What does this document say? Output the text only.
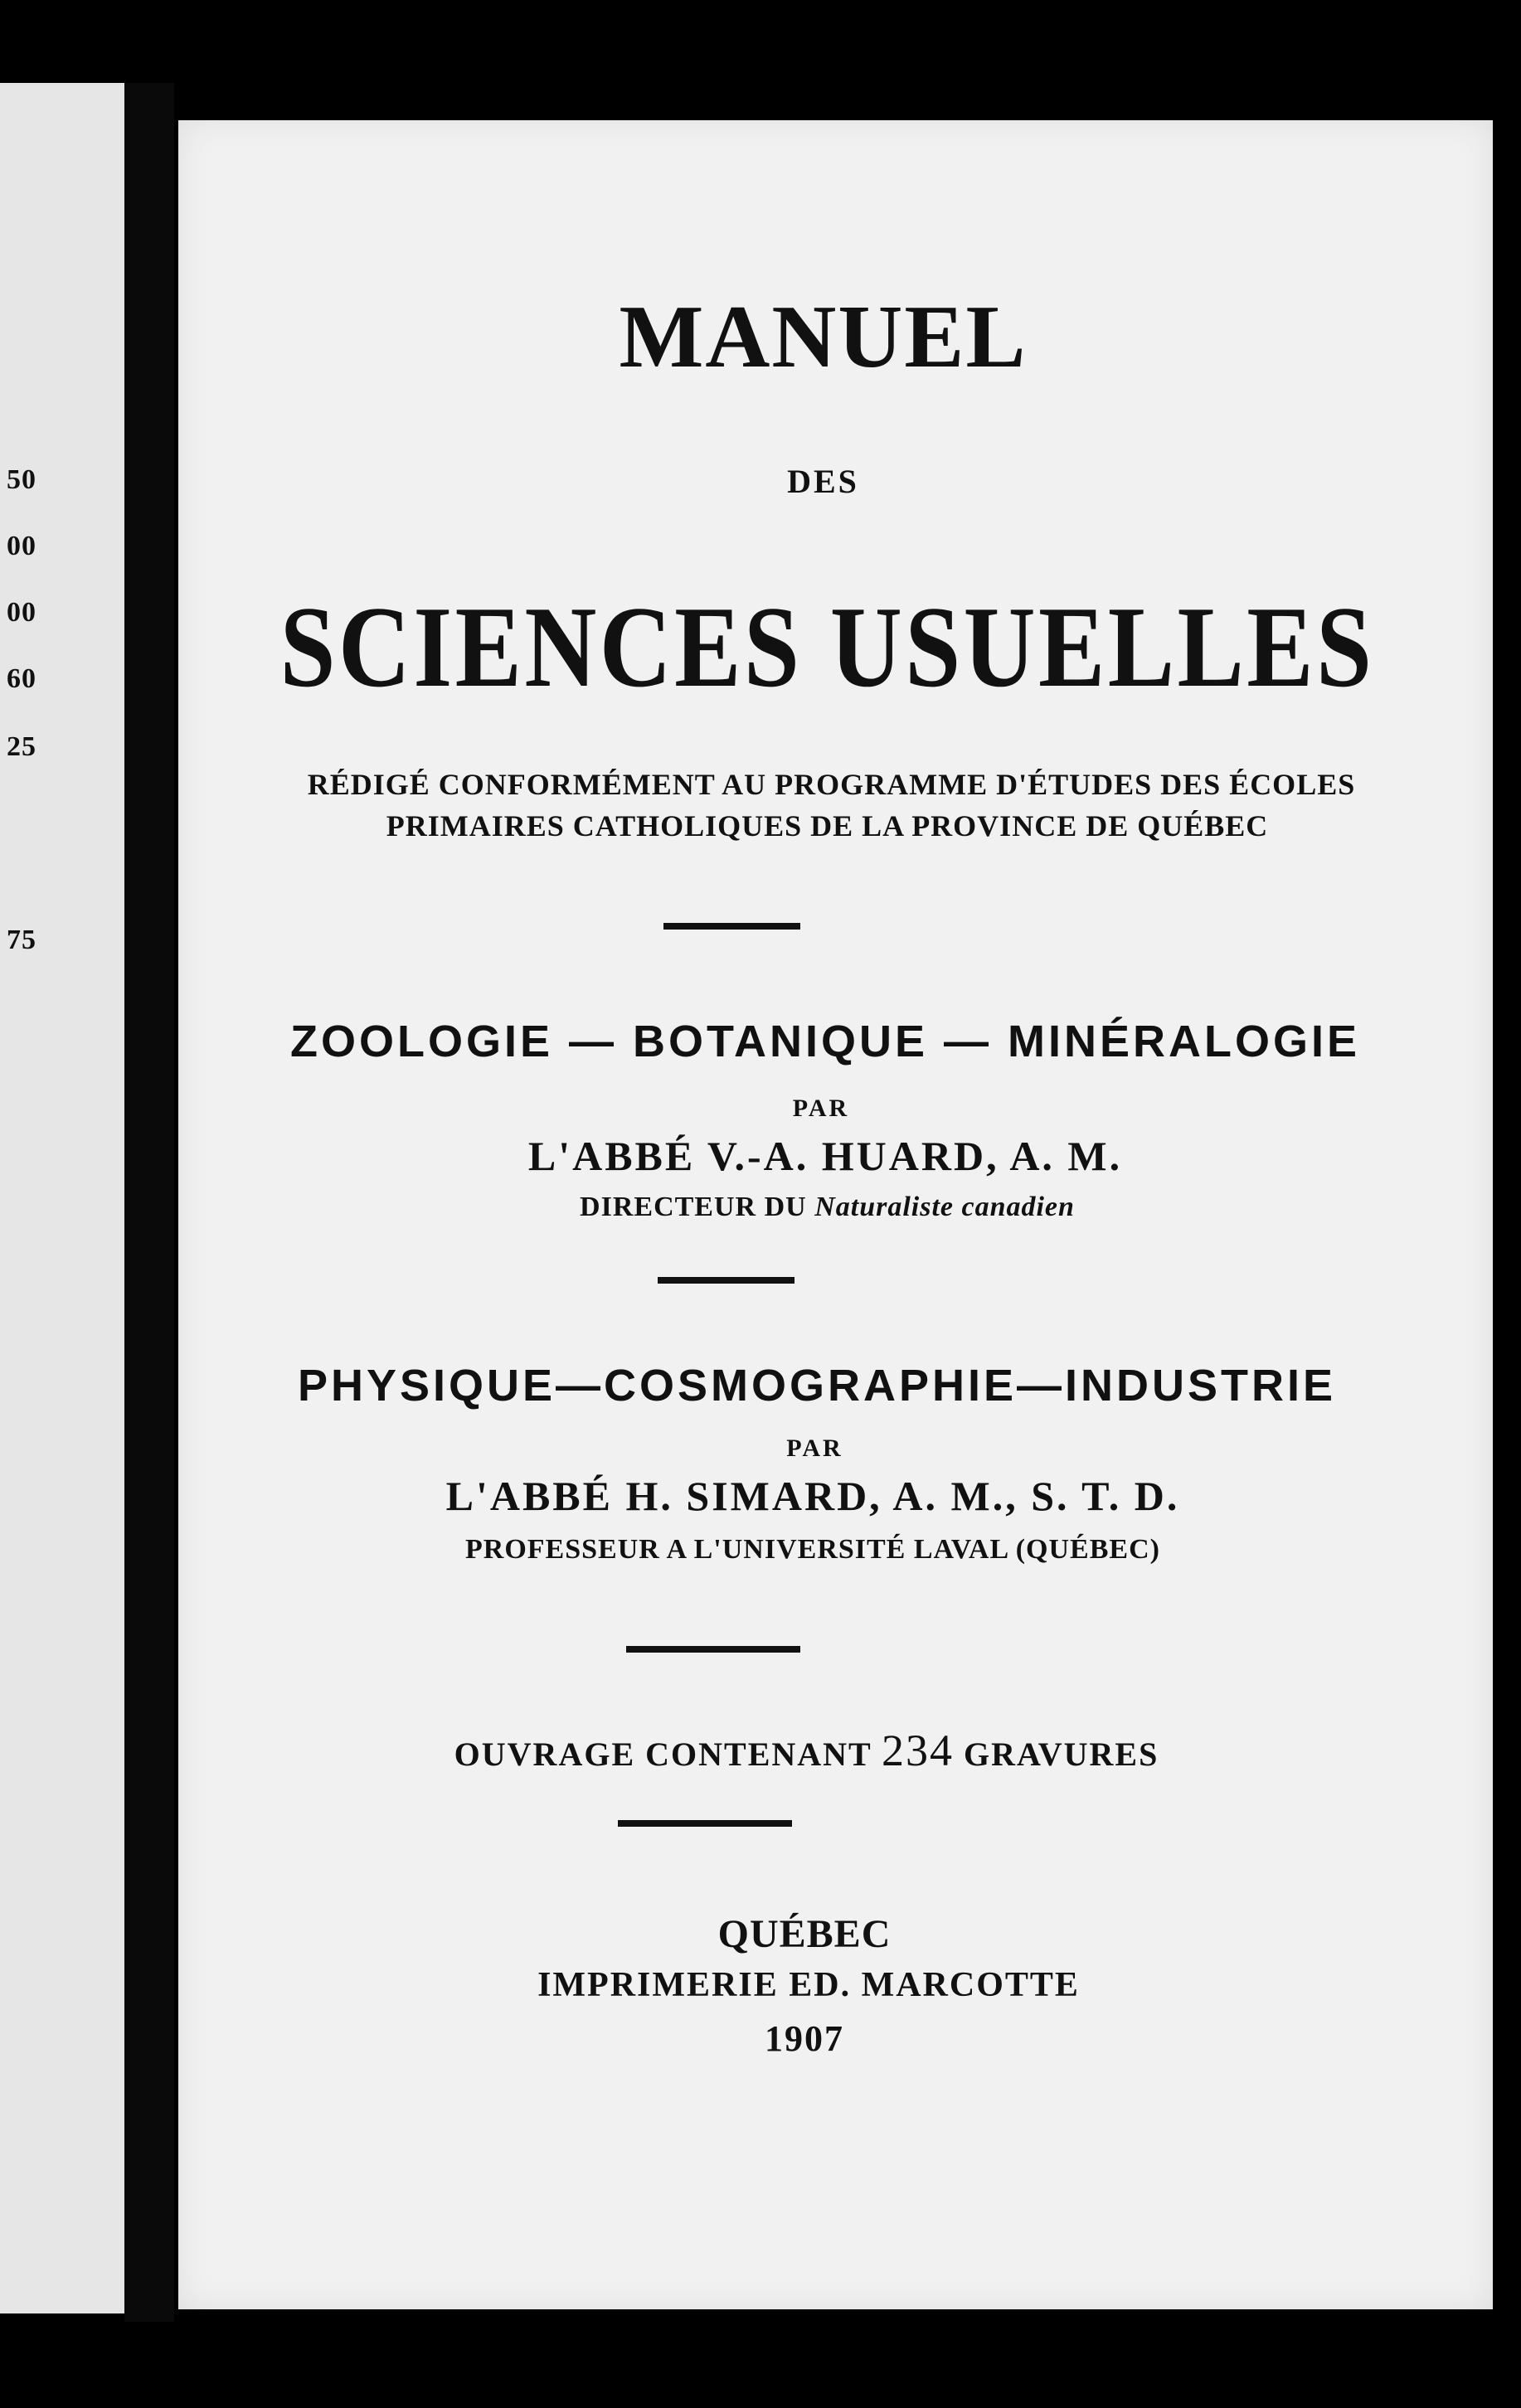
50
00
00
60
25
75
MANUEL
DES
SCIENCES USUELLES
RÉDIGÉ CONFORMÉMENT AU PROGRAMME D'ÉTUDES DES ÉCOLES
PRIMAIRES CATHOLIQUES DE LA PROVINCE DE QUÉBEC
ZOOLOGIE — BOTANIQUE — MINÉRALOGIE
PAR
L'ABBÉ V.-A. HUARD, A. M.
DIRECTEUR DU Naturaliste canadien
PHYSIQUE—COSMOGRAPHIE—INDUSTRIE
PAR
L'ABBÉ H. SIMARD, A. M., S. T. D.
PROFESSEUR A L'UNIVERSITÉ LAVAL (QUÉBEC)
OUVRAGE CONTENANT 234 GRAVURES
QUÉBEC
IMPRIMERIE ED. MARCOTTE
1907
